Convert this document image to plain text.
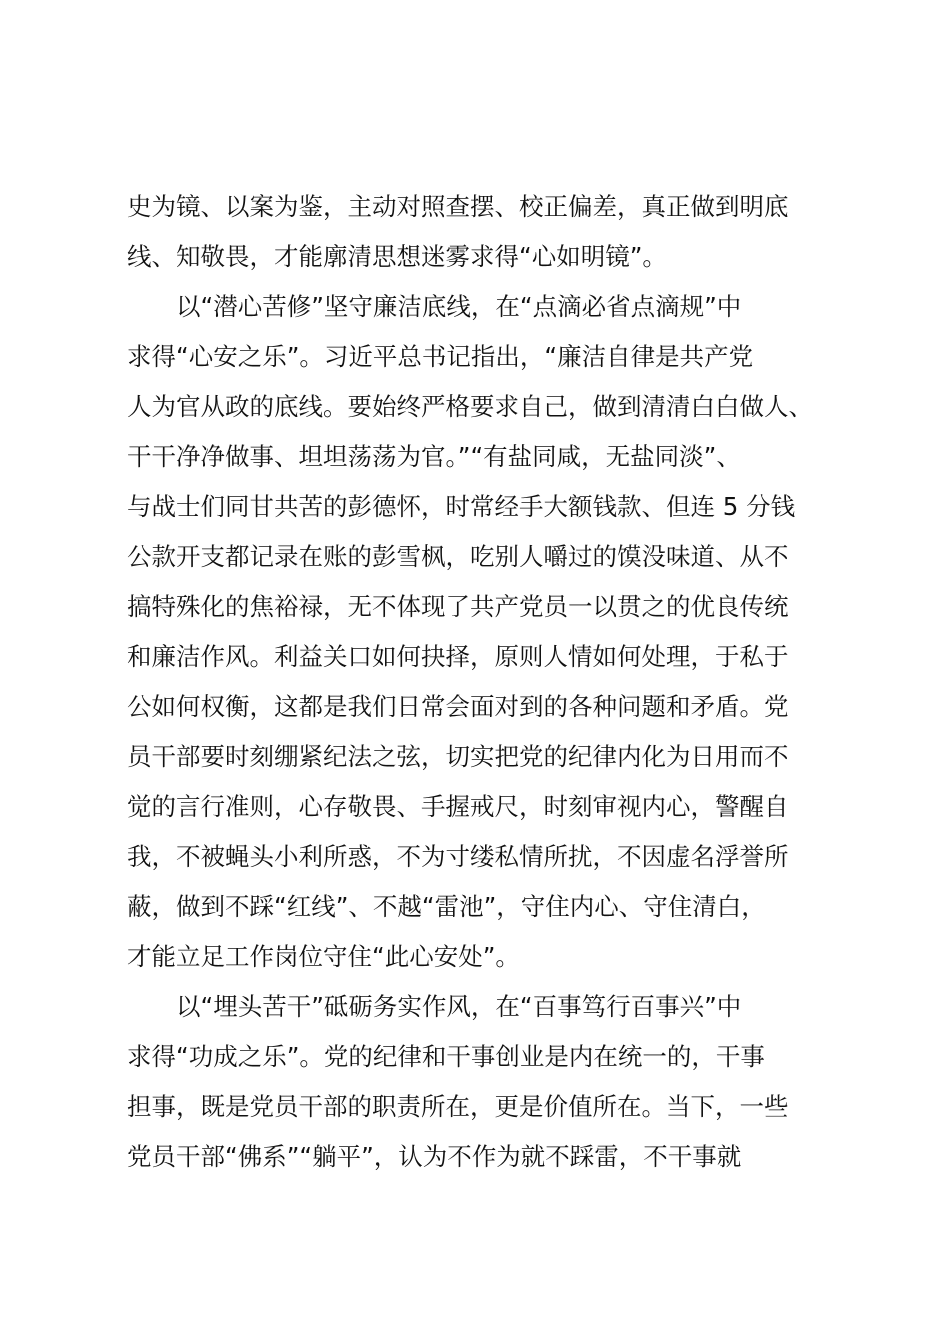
史为镜、以案为鉴，主动对照查摆、校正偏差，真正做到明底
线、知敬畏，才能廓清思想迷雾求得“心如明镜”。
以“潜心苦修”坚守廉洁底线，在“点滴必省点滴规”中
求得“心安之乐”。习近平总书记指出，“廉洁自律是共产党
人为官从政的底线。要始终严格要求自己，做到清清白白做人、
干干净净做事、坦坦荡荡为官。”“有盐同咸，无盐同淡”、
与战士们同甘共苦的彭德怀，时常经手大额钱款、但连 5 分钱
公款开支都记录在账的彭雪枫，吃别人嚼过的馍没味道、从不
搞特殊化的焦裕禄，无不体现了共产党员一以贯之的优良传统
和廉洁作风。利益关口如何抉择，原则人情如何处理，于私于
公如何权衡，这都是我们日常会面对到的各种问题和矛盾。党
员干部要时刻绷紧纪法之弦，切实把党的纪律内化为日用而不
觉的言行准则，心存敬畏、手握戒尺，时刻审视内心，警醒自
我，不被蝇头小利所惑，不为寸缕私情所扰，不因虚名浮誉所
蔽，做到不踩“红线”、不越“雷池”，守住内心、守住清白，
才能立足工作岗位守住“此心安处”。
以“埋头苦干”砥砺务实作风，在“百事笃行百事兴”中
求得“功成之乐”。党的纪律和干事创业是内在统一的，干事
担事，既是党员干部的职责所在，更是价值所在。当下，一些
党员干部“佛系”“躺平”，认为不作为就不踩雷，不干事就
